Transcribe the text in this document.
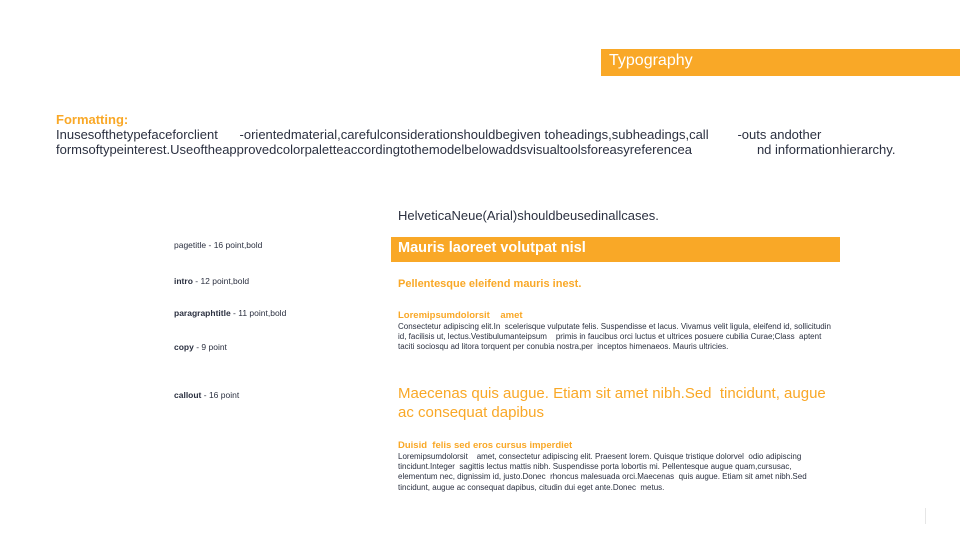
Typography
Formatting:
Inusesofthetypefaceforclient      -orientedmaterial,carefulconsiderationshouldbegiven toheadings,subheadings,call        -outs andother formsoftypeinterest.Useoftheapprovedcolorpaletteaccordingtothemodelbelowaddsvisualtoolsforeasyreferencea                  nd informationhierarchy.
HelveticaNeue(Arial)shouldbeusedinallcases.
pagetitle - 16 point,bold
intro - 12 point,bold
paragraphtitle - 11 point,bold
copy - 9 point
callout - 16 point
Mauris laoreet volutpat nisl
Pellentesque eleifend mauris inest.
Loremipsumdolorsit    amet
Consectetur adipiscing elit.In  scelerisque vulputate felis. Suspendisse et lacus. Vivamus velit ligula, eleifend id, sollicitudin id, facilisis ut, lectus.Vestibulumanteipsum    primis in faucibus orci luctus et ultrices posuere cubilia Curae;Class  aptent taciti sociosqu ad litora torquent per conubia nostra,per  inceptos himenaeos. Mauris ultricies.
Maecenas quis augue. Etiam sit amet nibh.Sed  tincidunt, augue ac consequat dapibus
Duisid  felis sed eros cursus imperdiet
Loremipsumdolorsit    amet, consectetur adipiscing elit. Praesent lorem. Quisque tristique dolorvel  odio adipiscing tincidunt.Integer  sagittis lectus mattis nibh. Suspendisse porta lobortis mi. Pellentesque augue quam,cursusac,    elementum nec, dignissim id, justo.Donec  rhoncus malesuada orci.Maecenas  quis augue. Etiam sit amet nibh.Sed  tincidunt, augue ac consequat dapibus, citudin dui eget ante.Donec  metus.
